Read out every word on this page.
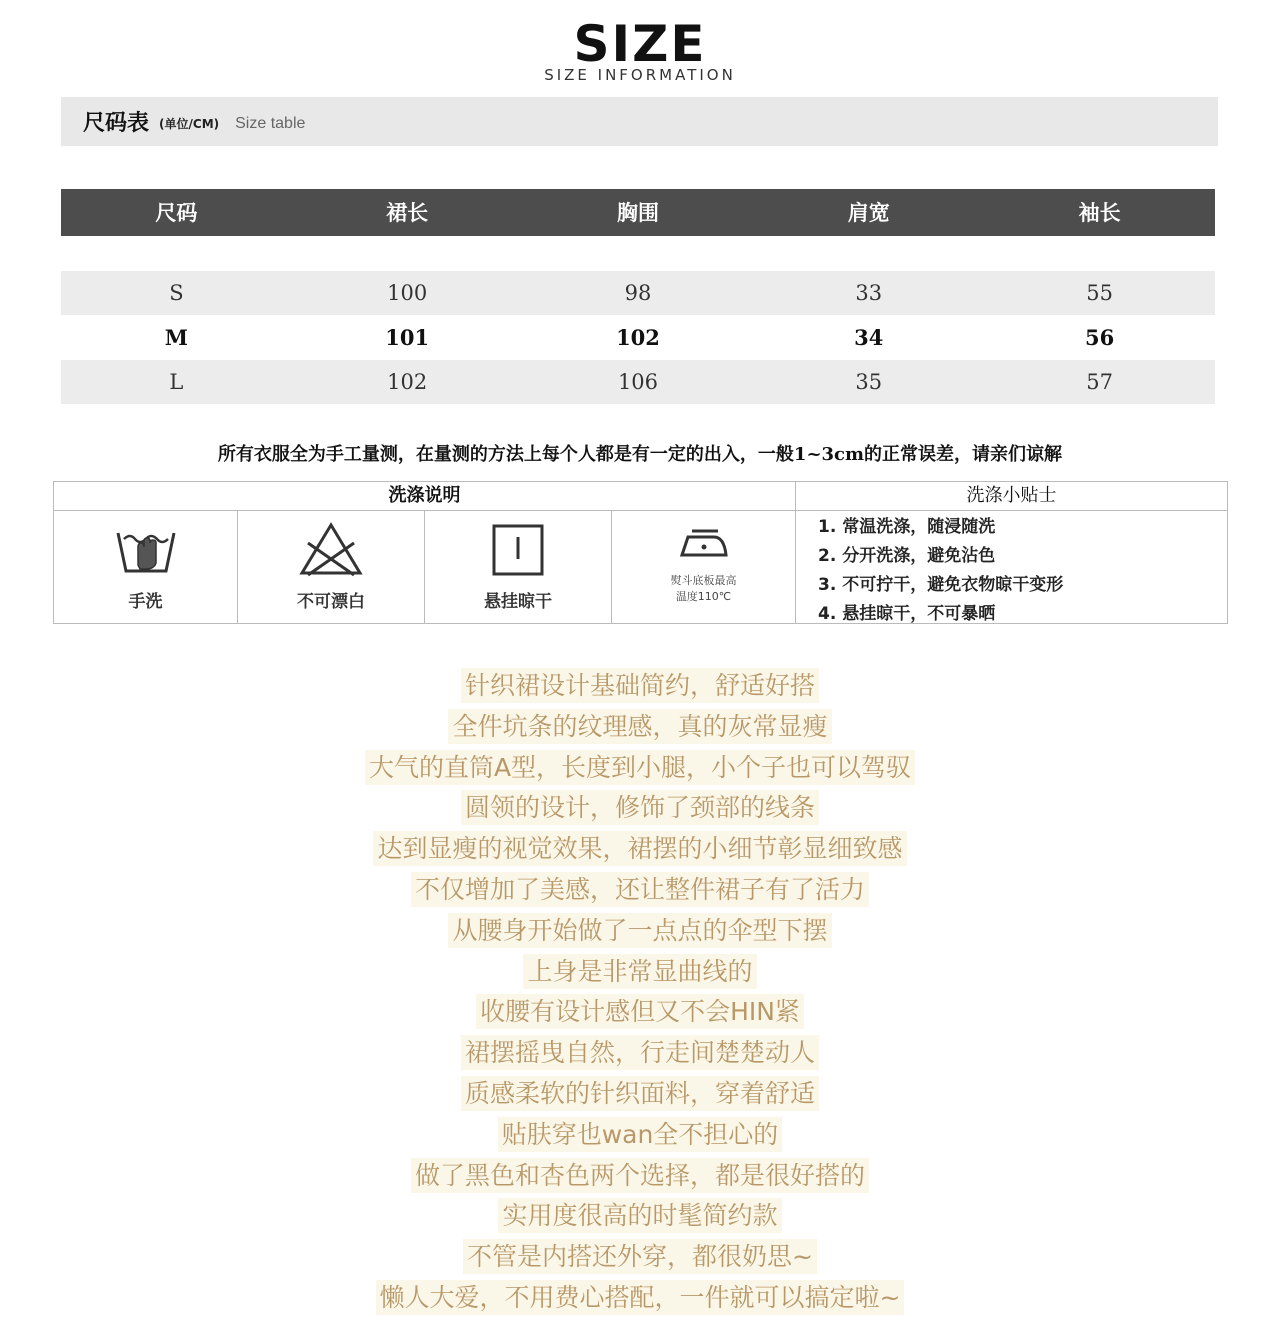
SIZE
SIZE INFORMATION
尺码表 (单位/CM) Size table
尺码	裙长	胸围	肩宽	袖长
S	100	98	33	55
M	101	102	34	56
L	102	106	35	57
所有衣服全为手工量测，在量测的方法上每个人都是有一定的出入，一般1~3cm的正常误差，请亲们谅解
洗涤说明	洗涤小贴士
手洗	不可漂白	悬挂晾干
熨斗底板最高
温度110℃
1. 常温洗涤，随浸随洗
2. 分开洗涤，避免沾色
3. 不可拧干，避免衣物晾干变形
4. 悬挂晾干，不可暴晒
针织裙设计基础简约，舒适好搭
全件坑条的纹理感，真的灰常显瘦
大气的直筒A型，长度到小腿，小个子也可以驾驭
圆领的设计，修饰了颈部的线条
达到显瘦的视觉效果，裙摆的小细节彰显细致感
不仅增加了美感，还让整件裙子有了活力
从腰身开始做了一点点的伞型下摆
上身是非常显曲线的
收腰有设计感但又不会HIN紧
裙摆摇曳自然，行走间楚楚动人
质感柔软的针织面料，穿着舒适
贴肤穿也wan全不担心的
做了黑色和杏色两个选择，都是很好搭的
实用度很高的时髦简约款
不管是内搭还外穿，都很奶思~
懒人大爱，不用费心搭配，一件就可以搞定啦~
